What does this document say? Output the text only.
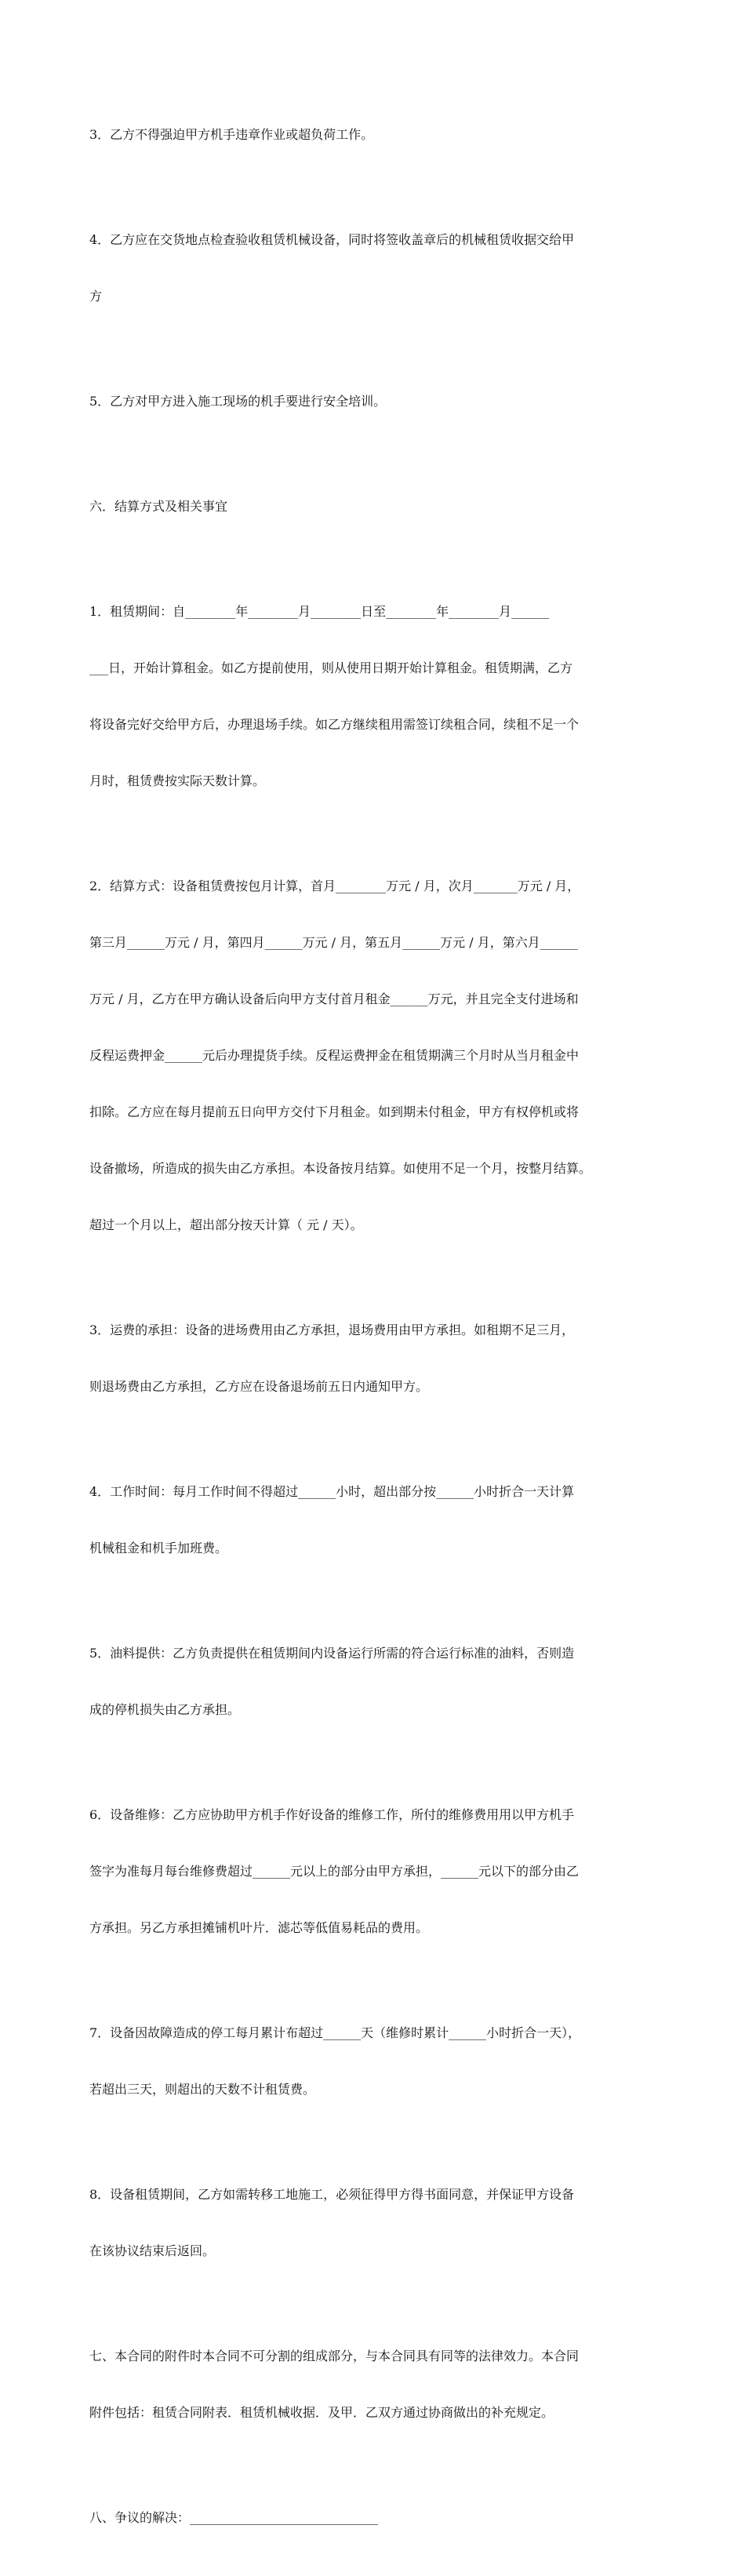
3．乙方不得强迫甲方机手违章作业或超负荷工作。

4．乙方应在交货地点检查验收租赁机械设备，同时将签收盖章后的机械租赁收据交给甲

方

5．乙方对甲方进入施工现场的机手要进行安全培训。

六．结算方式及相关事宜

1．租赁期间：自________年________月________日至________年________月______

___日，开始计算租金。如乙方提前使用，则从使用日期开始计算租金。租赁期满，乙方

将设备完好交给甲方后，办理退场手续。如乙方继续租用需签订续租合同，续租不足一个

月时，租赁费按实际天数计算。

2．结算方式：设备租赁费按包月计算，首月________万元 / 月，次月_______万元 / 月，

第三月______万元 / 月，第四月______万元 / 月，第五月______万元 / 月，第六月______

万元 / 月，乙方在甲方确认设备后向甲方支付首月租金______万元，并且完全支付进场和

反程运费押金______元后办理提货手续。反程运费押金在租赁期满三个月时从当月租金中

扣除。乙方应在每月提前五日向甲方交付下月租金。如到期未付租金，甲方有权停机或将

设备撤场，所造成的损失由乙方承担。本设备按月结算。如使用不足一个月，按整月结算。

超过一个月以上，超出部分按天计算（ 元 / 天）。

3．运费的承担：设备的进场费用由乙方承担，退场费用由甲方承担。如租期不足三月，

则退场费由乙方承担，乙方应在设备退场前五日内通知甲方。

4．工作时间：每月工作时间不得超过______小时，超出部分按______小时折合一天计算

机械租金和机手加班费。

5．油料提供：乙方负责提供在租赁期间内设备运行所需的符合运行标准的油料，否则造

成的停机损失由乙方承担。

6．设备维修：乙方应协助甲方机手作好设备的维修工作，所付的维修费用用以甲方机手

签字为准每月每台维修费超过______元以上的部分由甲方承担，______元以下的部分由乙

方承担。另乙方承担摊铺机叶片．滤芯等低值易耗品的费用。

7．设备因故障造成的停工每月累计布超过______天（维修时累计______小时折合一天），

若超出三天，则超出的天数不计租赁费。

8．设备租赁期间，乙方如需转移工地施工，必须征得甲方得书面同意，并保证甲方设备

在该协议结束后返回。

七、本合同的附件时本合同不可分割的组成部分，与本合同具有同等的法律效力。本合同

附件包括：租赁合同附表．租赁机械收据．及甲．乙双方通过协商做出的补充规定。

八、争议的解决：______________________________
